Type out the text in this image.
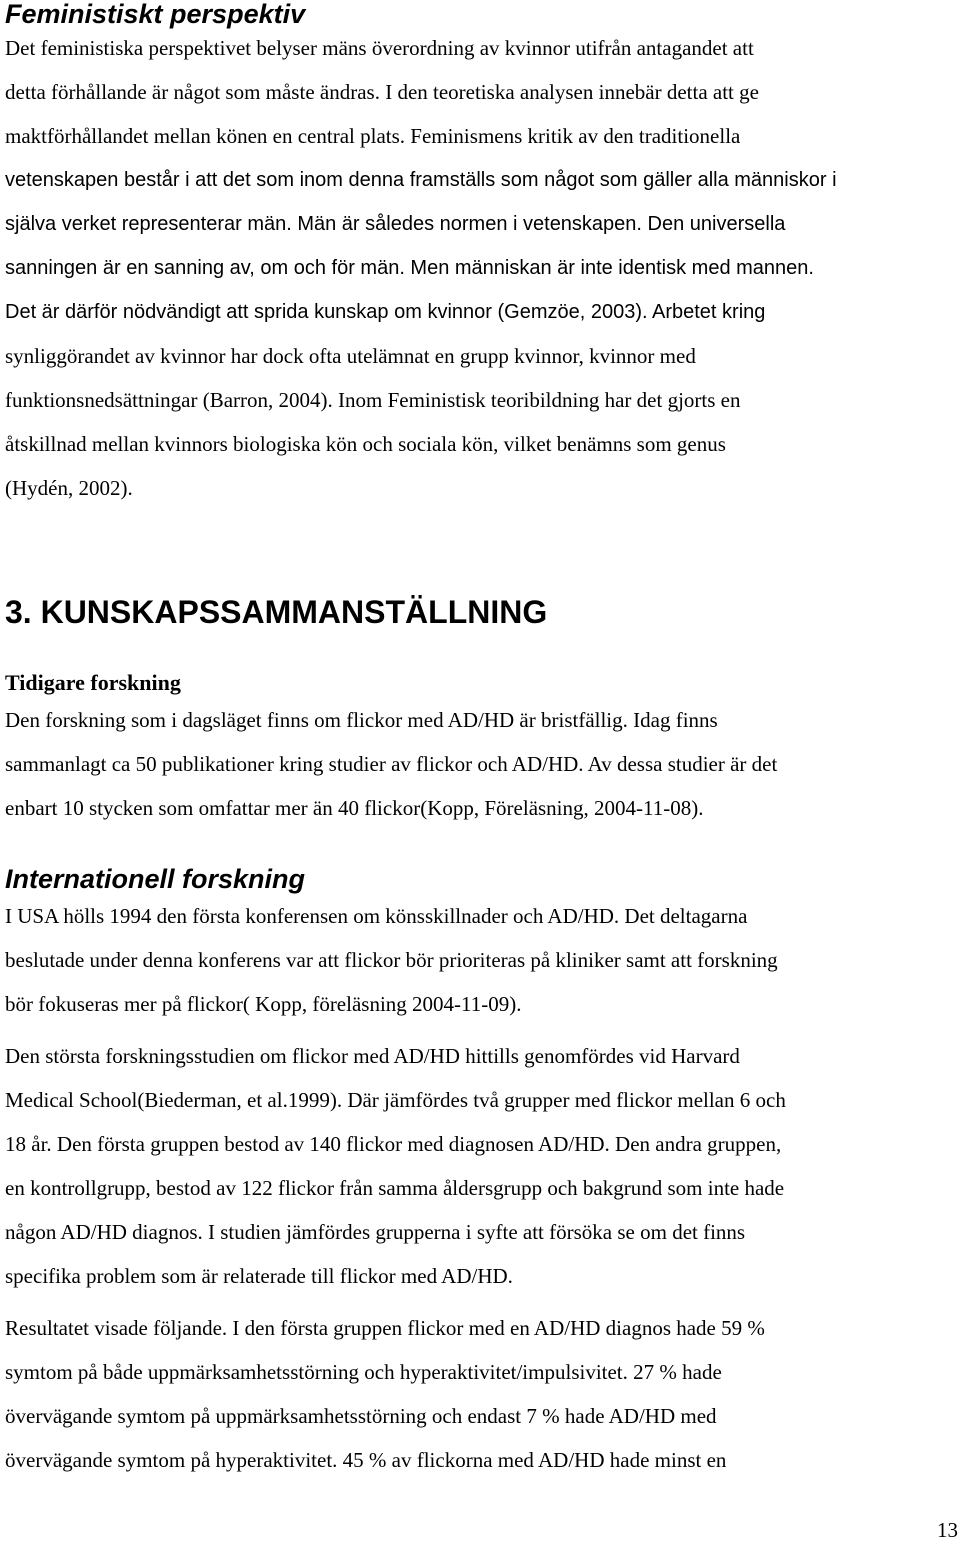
Feministiskt perspektiv

Det feministiska perspektivet belyser mäns överordning av kvinnor utifrån antagandet att
detta förhållande är något som måste ändras. I den teoretiska analysen innebär detta att ge
maktförhållandet mellan könen en central plats. Feminismens kritik av den traditionella
vetenskapen består i att det som inom denna framställs som något som gäller alla människor i
själva verket representerar män. Män är således normen i vetenskapen. Den universella
sanningen är en sanning av, om och för män. Men människan är inte identisk med mannen.
Det är därför nödvändigt att sprida kunskap om kvinnor (Gemzöe, 2003). Arbetet kring
synliggörandet av kvinnor har dock ofta utelämnat en grupp kvinnor, kvinnor med
funktionsnedsättningar (Barron, 2004). Inom Feministisk teoribildning har det gjorts en
åtskillnad mellan kvinnors biologiska kön och sociala kön, vilket benämns som genus
(Hydén, 2002).

3. KUNSKAPSSAMMANSTÄLLNING
Tidigare forskning

Den forskning som i dagsläget finns om flickor med AD/HD är bristfällig. Idag finns
sammanlagt ca 50 publikationer kring studier av flickor och AD/HD. Av dessa studier är det
enbart 10 stycken som omfattar mer än 40 flickor(Kopp, Föreläsning, 2004-11-08).

Internationell forskning

I USA hölls 1994 den första konferensen om könsskillnader och AD/HD. Det deltagarna
beslutade under denna konferens var att flickor bör prioriteras på kliniker samt att forskning
bör fokuseras mer på flickor( Kopp, föreläsning 2004-11-09).

Den största forskningsstudien om flickor med AD/HD hittills genomfördes vid Harvard
Medical School(Biederman, et al.1999). Där jämfördes två grupper med flickor mellan 6 och
18 år. Den första gruppen bestod av 140 flickor med diagnosen AD/HD. Den andra gruppen,
en kontrollgrupp, bestod av 122 flickor från samma åldersgrupp och bakgrund som inte hade
någon AD/HD diagnos. I studien jämfördes grupperna i syfte att försöka se om det finns
specifika problem som är relaterade till flickor med AD/HD.

Resultatet visade följande. I den första gruppen flickor med en AD/HD diagnos hade 59 %
symtom på både uppmärksamhetsstörning och hyperaktivitet/impulsivitet. 27 % hade
övervägande symtom på uppmärksamhetsstörning och endast 7 % hade AD/HD med
övervägande symtom på hyperaktivitet. 45 % av flickorna med AD/HD hade minst en

13
